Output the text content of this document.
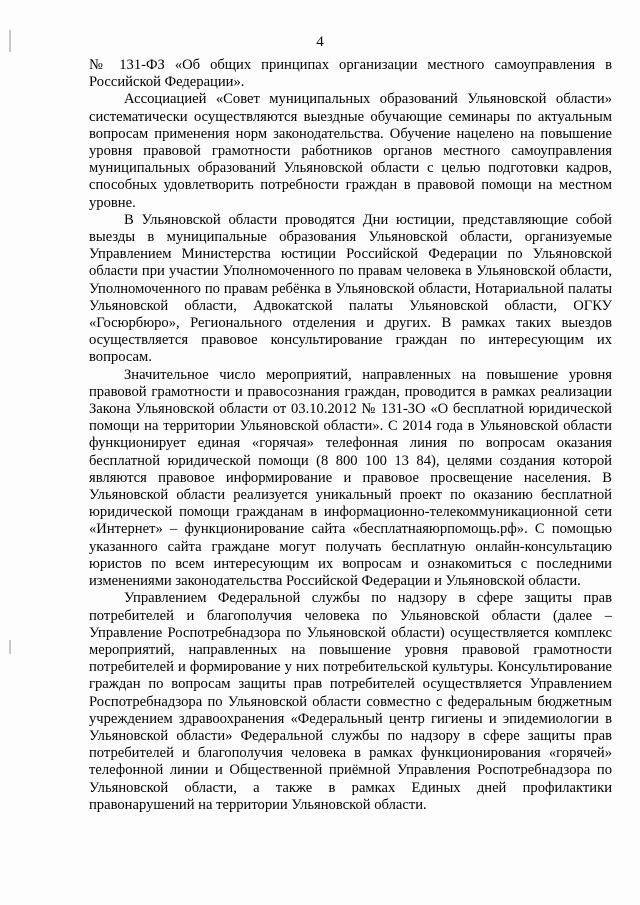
4

№ 131-ФЗ «Об общих принципах организации местного самоуправления в Российской Федерации».

Ассоциацией «Совет муниципальных образований Ульяновской области» систематически осуществляются выездные обучающие семинары по актуальным вопросам применения норм законодательства. Обучение нацелено на повышение уровня правовой грамотности работников органов местного самоуправления муниципальных образований Ульяновской области с целью подготовки кадров, способных удовлетворить потребности граждан в правовой помощи на местном уровне.

В Ульяновской области проводятся Дни юстиции, представляющие собой выезды в муниципальные образования Ульяновской области, организуемые Управлением Министерства юстиции Российской Федерации по Ульяновской области при участии Уполномоченного по правам человека в Ульяновской области, Уполномоченного по правам ребёнка в Ульяновской области, Нотариальной палаты Ульяновской области, Адвокатской палаты Ульяновской области, ОГКУ «Госюрбюро», Регионального отделения и других. В рамках таких выездов осуществляется правовое консультирование граждан по интересующим их вопросам.

Значительное число мероприятий, направленных на повышение уровня правовой грамотности и правосознания граждан, проводится в рамках реализации Закона Ульяновской области от 03.10.2012 № 131-ЗО «О бесплатной юридической помощи на территории Ульяновской области». С 2014 года в Ульяновской области функционирует единая «горячая» телефонная линия по вопросам оказания бесплатной юридической помощи (8 800 100 13 84), целями создания которой являются правовое информирование и правовое просвещение населения. В Ульяновской области реализуется уникальный проект по оказанию бесплатной юридической помощи гражданам в информационно-телекоммуникационной сети «Интернет» – функционирование сайта «бесплатнаяюрпомощь.рф». С помощью указанного сайта граждане могут получать бесплатную онлайн-консультацию юристов по всем интересующим их вопросам и ознакомиться с последними изменениями законодательства Российской Федерации и Ульяновской области.

Управлением Федеральной службы по надзору в сфере защиты прав потребителей и благополучия человека по Ульяновской области (далее – Управление Роспотребнадзора по Ульяновской области) осуществляется комплекс мероприятий, направленных на повышение уровня правовой грамотности потребителей и формирование у них потребительской культуры. Консультирование граждан по вопросам защиты прав потребителей осуществляется Управлением Роспотребнадзора по Ульяновской области совместно с федеральным бюджетным учреждением здравоохранения «Федеральный центр гигиены и эпидемиологии в Ульяновской области» Федеральной службы по надзору в сфере защиты прав потребителей и благополучия человека в рамках функционирования «горячей» телефонной линии и Общественной приёмной Управления Роспотребнадзора по Ульяновской области, а также в рамках Единых дней профилактики правонарушений на территории Ульяновской области.
